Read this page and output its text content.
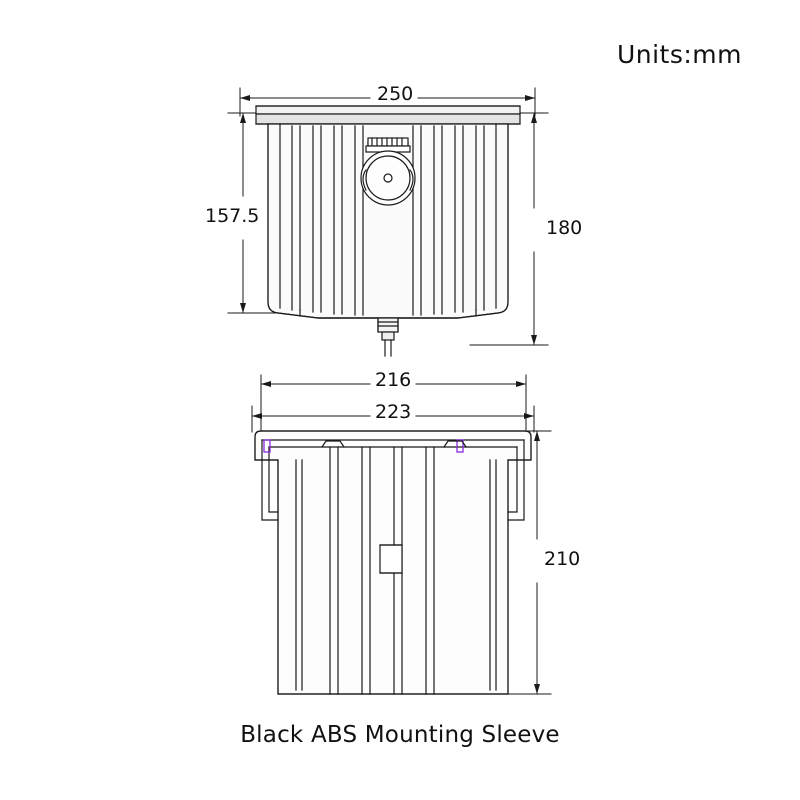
Units:mm
250
157.5
180
216
223
210
Black ABS Mounting Sleeve
